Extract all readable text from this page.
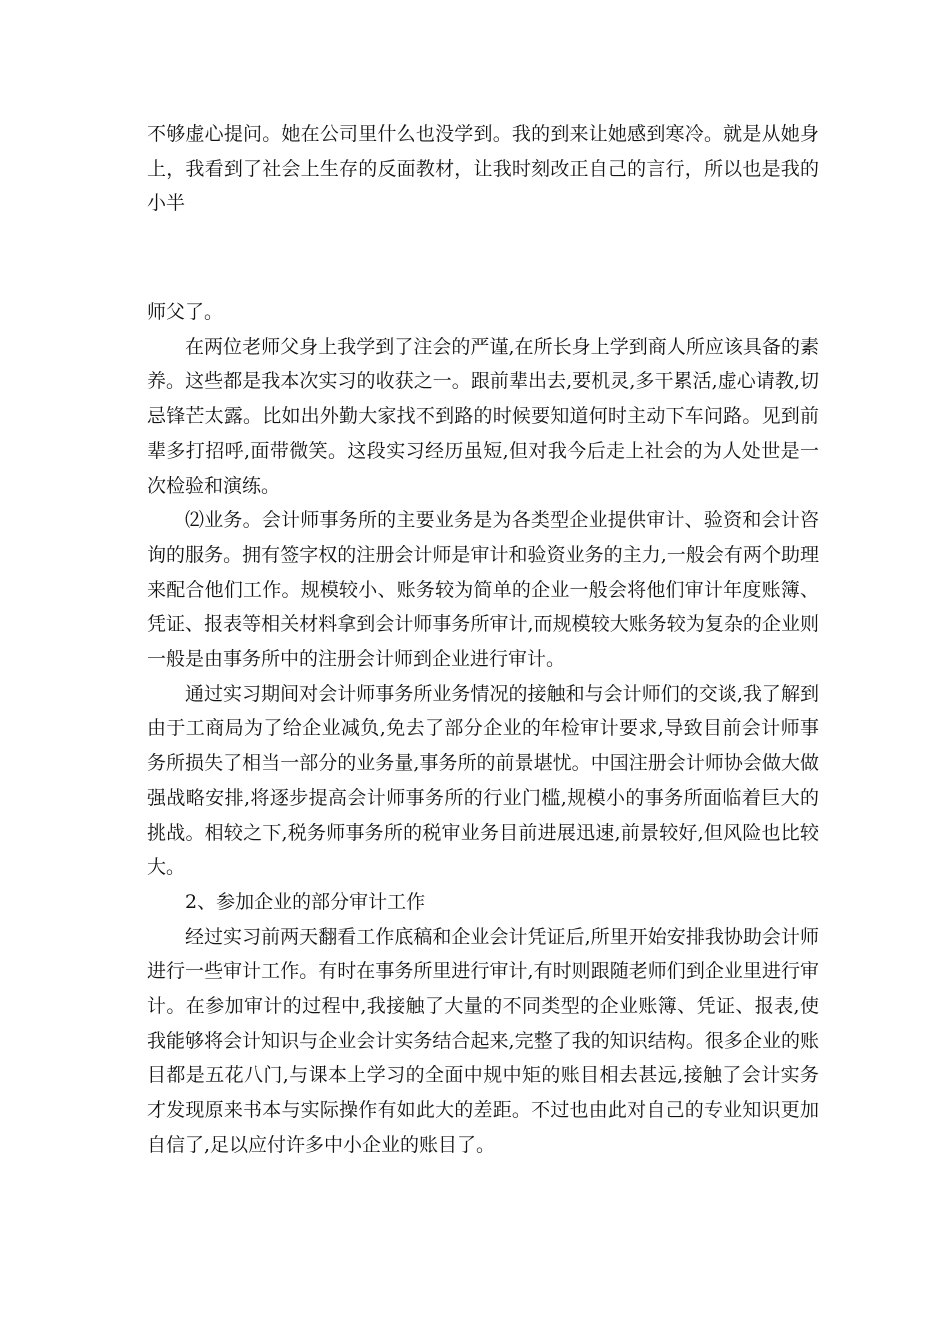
不够虚心提问。她在公司里什么也没学到。我的到来让她感到寒冷。就是从她身上，我看到了社会上生存的反面教材，让我时刻改正自己的言行，所以也是我的小半

师父了。

在两位老师父身上我学到了注会的严谨,在所长身上学到商人所应该具备的素养。这些都是我本次实习的收获之一。跟前辈出去,要机灵,多干累活,虚心请教,切忌锋芒太露。比如出外勤大家找不到路的时候要知道何时主动下车问路。见到前辈多打招呼,面带微笑。这段实习经历虽短,但对我今后走上社会的为人处世是一次检验和演练。

⑵业务。会计师事务所的主要业务是为各类型企业提供审计、验资和会计咨询的服务。拥有签字权的注册会计师是审计和验资业务的主力,一般会有两个助理来配合他们工作。规模较小、账务较为简单的企业一般会将他们审计年度账簿、凭证、报表等相关材料拿到会计师事务所审计,而规模较大账务较为复杂的企业则一般是由事务所中的注册会计师到企业进行审计。

通过实习期间对会计师事务所业务情况的接触和与会计师们的交谈,我了解到由于工商局为了给企业减负,免去了部分企业的年检审计要求,导致目前会计师事务所损失了相当一部分的业务量,事务所的前景堪忧。中国注册会计师协会做大做强战略安排,将逐步提高会计师事务所的行业门槛,规模小的事务所面临着巨大的挑战。相较之下,税务师事务所的税审业务目前进展迅速,前景较好,但风险也比较大。

2、参加企业的部分审计工作

经过实习前两天翻看工作底稿和企业会计凭证后,所里开始安排我协助会计师进行一些审计工作。有时在事务所里进行审计,有时则跟随老师们到企业里进行审计。在参加审计的过程中,我接触了大量的不同类型的企业账簿、凭证、报表,使我能够将会计知识与企业会计实务结合起来,完整了我的知识结构。很多企业的账目都是五花八门,与课本上学习的全面中规中矩的账目相去甚远,接触了会计实务才发现原来书本与实际操作有如此大的差距。不过也由此对自己的专业知识更加自信了,足以应付许多中小企业的账目了。
